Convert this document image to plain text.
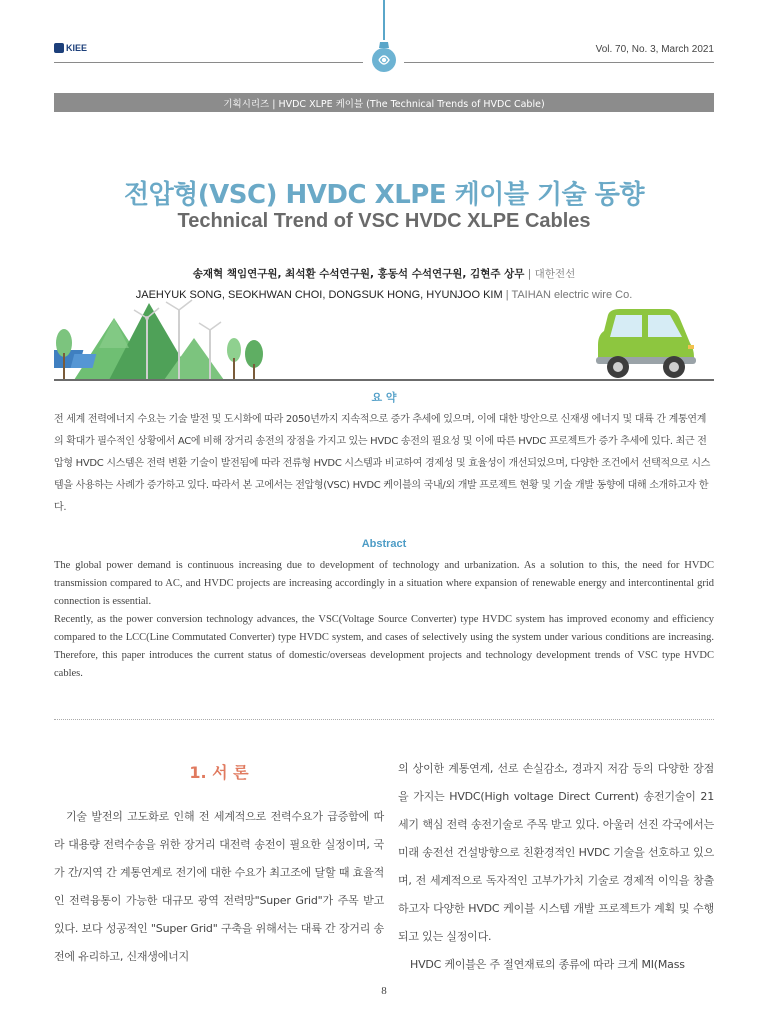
KIEE	Vol. 70, No. 3, March 2021
기획시리즈 | HVDC XLPE 케이블 (The Technical Trends of HVDC Cable)
전압형(VSC) HVDC XLPE 케이블 기술 동향
Technical Trend of VSC HVDC XLPE Cables
송재혁 책임연구원, 최석환 수석연구원, 홍동석 수석연구원, 김현주 상무 | 대한전선
JAEHYUK SONG, SEOKHWAN CHOI, DONGSUK HONG, HYUNJOO KIM | TAIHAN electric wire Co.
요 약
전 세계 전력에너지 수요는 기술 발전 및 도시화에 따라 2050년까지 지속적으로 증가 추세에 있으며, 이에 대한 방안으로 신재생 에너지 및 대륙 간 계통연계의 확대가 필수적인 상황에서 AC에 비해 장거리 송전의 장점을 가지고 있는 HVDC 송전의 필요성 및 이에 따른 HVDC 프로젝트가 증가 추세에 있다. 최근 전압형 HVDC 시스템은 전력 변환 기술이 발전됨에 따라 전류형 HVDC 시스템과 비교하여 경제성 및 효율성이 개선되었으며, 다양한 조건에서 선택적으로 시스템을 사용하는 사례가 증가하고 있다. 따라서 본 고에서는 전압형(VSC) HVDC 케이블의 국내/외 개발 프로젝트 현황 및 기술 개발 동향에 대해 소개하고자 한다.
Abstract

The global power demand is continuous increasing due to development of technology and urbanization. As a solution to this, the need for HVDC transmission compared to AC, and HVDC projects are increasing accordingly in a situation where expansion of renewable energy and intercontinental grid connection is essential.

Recently, as the power conversion technology advances, the VSC(Voltage Source Converter) type HVDC system has improved economy and efficiency compared to the LCC(Line Commutated Converter) type HVDC system, and cases of selectively using the system under various conditions are increasing. Therefore, this paper introduces the current status of domestic/overseas development projects and technology development trends of VSC type HVDC cables.

1. 서 론
기술 발전의 고도화로 인해 전 세계적으로 전력수요가 급증함에 따라 대용량 전력수송을 위한 장거리 대전력 송전이 필요한 실정이며, 국가 간/지역 간 계통연계로 전기에 대한 수요가 최고조에 달할 때 효율적인 전력융통이 가능한 대규모 광역 전력망"Super Grid"가 주목 받고 있다. 보다 성공적인 "Super Grid" 구축을 위해서는 대륙 간 장거리 송전에 유리하고, 신재생에너지

의 상이한 계통연계, 선로 손실감소, 경과지 저감 등의 다양한 장점을 가지는 HVDC(High voltage Direct Current) 송전기술이 21세기 핵심 전력 송전기술로 주목 받고 있다. 아울러 선진 각국에서는 미래 송전선 건설방향으로 친환경적인 HVDC 기술을 선호하고 있으며, 전 세계적으로 독자적인 고부가가치 기술로 경제적 이익을 창출하고자 다양한 HVDC 케이블 시스템 개발 프로젝트가 계획 및 수행되고 있는 실정이다.

HVDC 케이블은 주 절연재료의 종류에 따라 크게 MI(Mass

8
